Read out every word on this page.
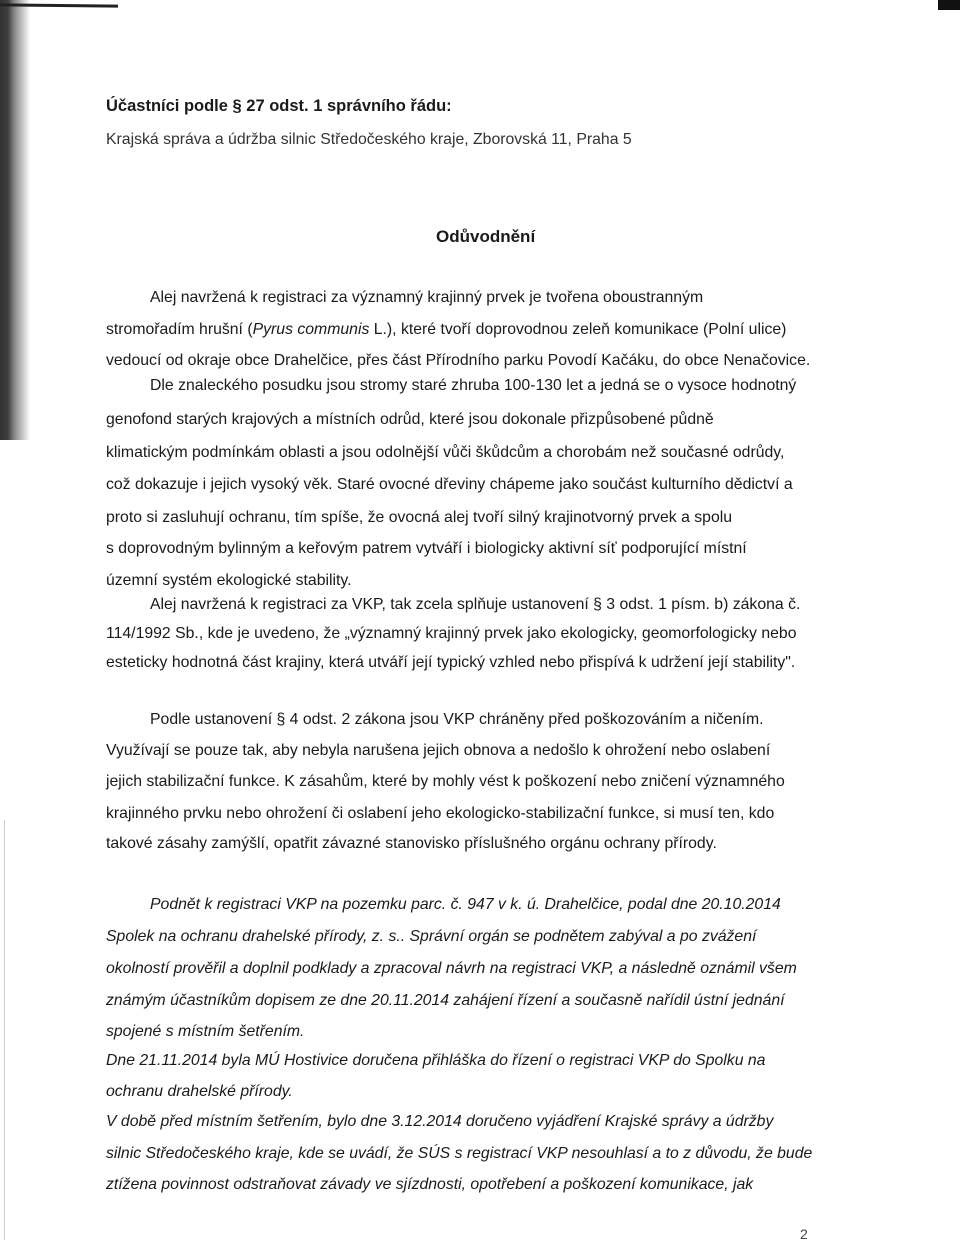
Účastníci podle § 27 odst. 1 správního řádu:
Krajská správa a údržba silnic Středočeského kraje, Zborovská 11, Praha 5
Odůvodnění
Alej navržená k registraci za významný krajinný prvek je tvořena oboustranným
stromořadím hrušní (Pyrus communis L.), které tvoří doprovodnou zeleň komunikace (Polní ulice)
vedoucí od okraje obce Drahelčice, přes část Přírodního parku Povodí Kačáku, do obce Nenačovice.
Dle znaleckého posudku jsou stromy staré zhruba 100-130 let a jedná se o vysoce hodnotný
genofond starých krajových a místních odrůd, které jsou dokonale přizpůsobené půdně
klimatickým podmínkám oblasti a jsou odolnější vůči škůdcům a chorobám než současné odrůdy,
což dokazuje i jejich vysoký věk. Staré ovocné dřeviny chápeme jako součást kulturního dědictví a
proto si zasluhují ochranu, tím spíše, že ovocná alej tvoří silný krajinotvorný prvek a spolu
s doprovodným bylinným a keřovým patrem vytváří i biologicky aktivní síť podporující místní
územní systém ekologické stability.
Alej navržená k registraci za VKP, tak zcela splňuje ustanovení § 3 odst. 1 písm. b) zákona č.
114/1992 Sb., kde je uvedeno, že „významný krajinný prvek jako ekologicky, geomorfologicky nebo
esteticky hodnotná část krajiny, která utváří její typický vzhled nebo přispívá k udržení její stability".
Podle ustanovení § 4 odst. 2 zákona jsou VKP chráněny před poškozováním a ničením.
Využívají se pouze tak, aby nebyla narušena jejich obnova a nedošlo k ohrožení nebo oslabení
jejich stabilizační funkce. K zásahům, které by mohly vést k poškození nebo zničení významného
krajinného prvku nebo ohrožení či oslabení jeho ekologicko-stabilizační funkce, si musí ten, kdo
takové zásahy zamýšlí, opatřit závazné stanovisko příslušného orgánu ochrany přírody.
Podnět k registraci VKP na pozemku parc. č. 947 v k. ú. Drahelčice, podal dne 20.10.2014
Spolek na ochranu drahelské přírody, z. s.. Správní orgán se podnětem zabýval a po zvážení
okolností prověřil a doplnil podklady a zpracoval návrh na registraci VKP, a následně oznámil všem
známým účastníkům dopisem ze dne 20.11.2014 zahájení řízení a současně nařídil ústní jednání
spojené s místním šetřením.
Dne 21.11.2014 byla MÚ Hostivice doručena přihláška do řízení o registraci VKP do Spolku na
ochranu drahelské přírody.
V době před místním šetřením, bylo dne 3.12.2014 doručeno vyjádření Krajské správy a údržby
silnic Středočeského kraje, kde se uvádí, že SÚS s registrací VKP nesouhlasí a to z důvodu, že bude
ztížena povinnost odstraňovat závady ve sjízdnosti, opotřebení a poškození komunikace, jak
2
